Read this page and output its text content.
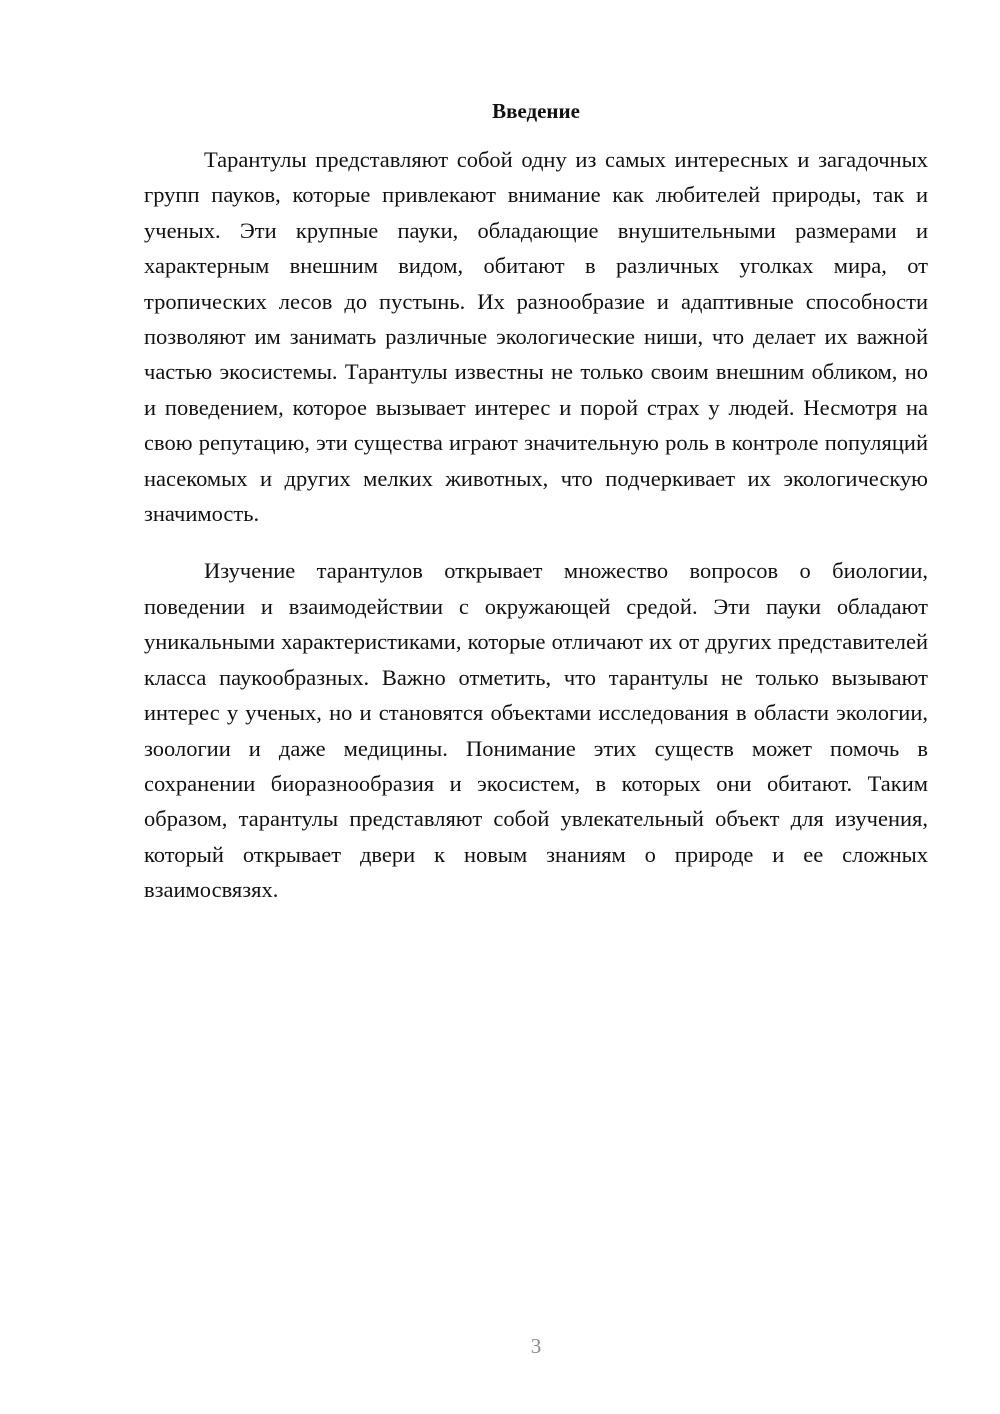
Введение

Тарантулы представляют собой одну из самых интересных и загадочных групп пауков, которые привлекают внимание как любителей природы, так и ученых. Эти крупные пауки, обладающие внушительными размерами и характерным внешним видом, обитают в различных уголках мира, от тропических лесов до пустынь. Их разнообразие и адаптивные способности позволяют им занимать различные экологические ниши, что делает их важной частью экосистемы. Тарантулы известны не только своим внешним обликом, но и поведением, которое вызывает интерес и порой страх у людей. Несмотря на свою репутацию, эти существа играют значительную роль в контроле популяций насекомых и других мелких животных, что подчеркивает их экологическую значимость.

Изучение тарантулов открывает множество вопросов о биологии, поведении и взаимодействии с окружающей средой. Эти пауки обладают уникальными характеристиками, которые отличают их от других представителей класса паукообразных. Важно отметить, что тарантулы не только вызывают интерес у ученых, но и становятся объектами исследования в области экологии, зоологии и даже медицины. Понимание этих существ может помочь в сохранении биоразнообразия и экосистем, в которых они обитают. Таким образом, тарантулы представляют собой увлекательный объект для изучения, который открывает двери к новым знаниям о природе и ее сложных взаимосвязях.

3
